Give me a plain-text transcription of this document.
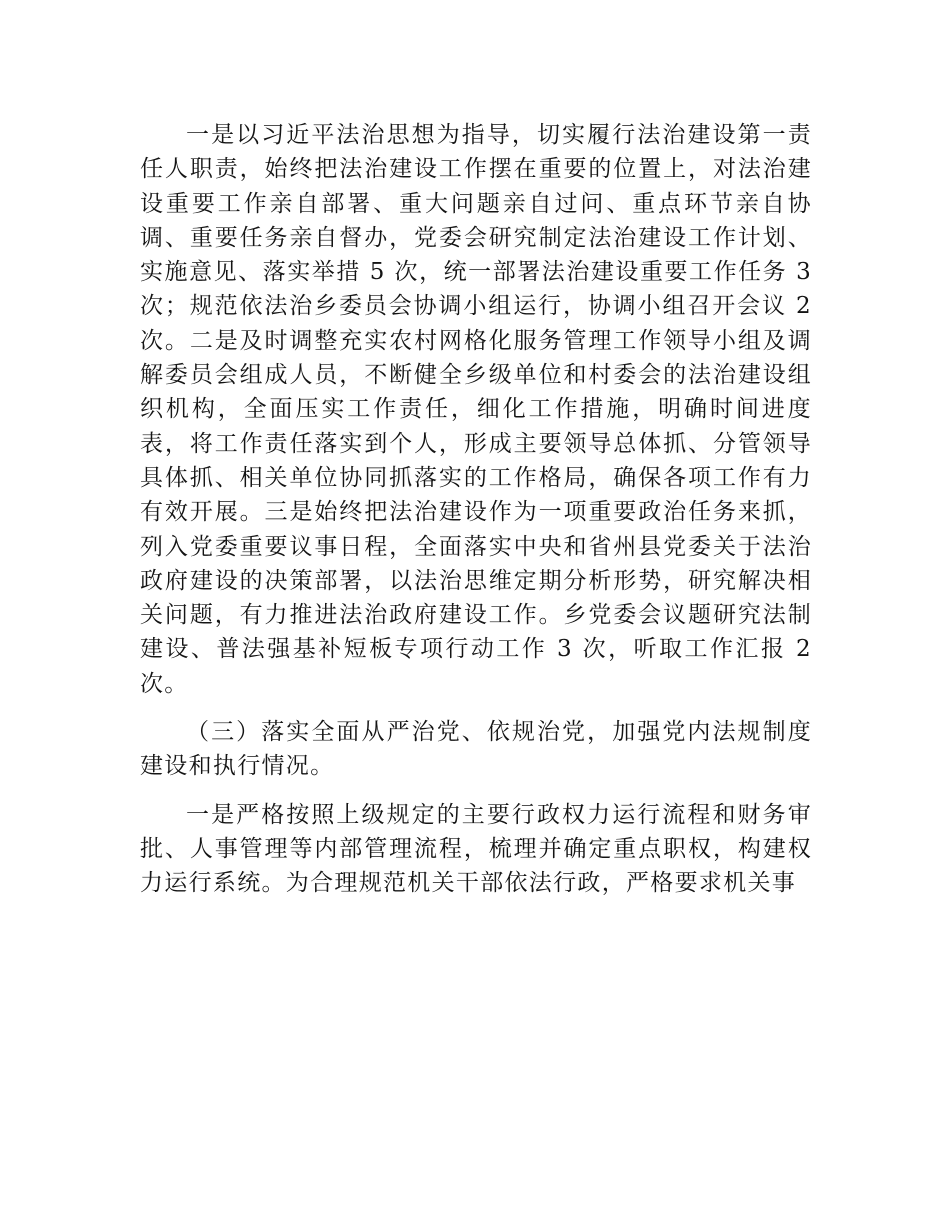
一是以习近平法治思想为指导，切实履行法治建设第一责任人职责，始终把法治建设工作摆在重要的位置上，对法治建设重要工作亲自部署、重大问题亲自过问、重点环节亲自协调、重要任务亲自督办，党委会研究制定法治建设工作计划、实施意见、落实举措 5 次，统一部署法治建设重要工作任务 3 次；规范依法治乡委员会协调小组运行，协调小组召开会议 2 次。二是及时调整充实农村网格化服务管理工作领导小组及调解委员会组成人员，不断健全乡级单位和村委会的法治建设组织机构，全面压实工作责任，细化工作措施，明确时间进度表，将工作责任落实到个人，形成主要领导总体抓、分管领导具体抓、相关单位协同抓落实的工作格局，确保各项工作有力有效开展。三是始终把法治建设作为一项重要政治任务来抓，列入党委重要议事日程，全面落实中央和省州县党委关于法治政府建设的决策部署，以法治思维定期分析形势，研究解决相关问题，有力推进法治政府建设工作。乡党委会议题研究法制建设、普法强基补短板专项行动工作 3 次，听取工作汇报 2 次。

（三）落实全面从严治党、依规治党，加强党内法规制度建设和执行情况。

一是严格按照上级规定的主要行政权力运行流程和财务审批、人事管理等内部管理流程，梳理并确定重点职权，构建权力运行系统。为合理规范机关干部依法行政，严格要求机关事
